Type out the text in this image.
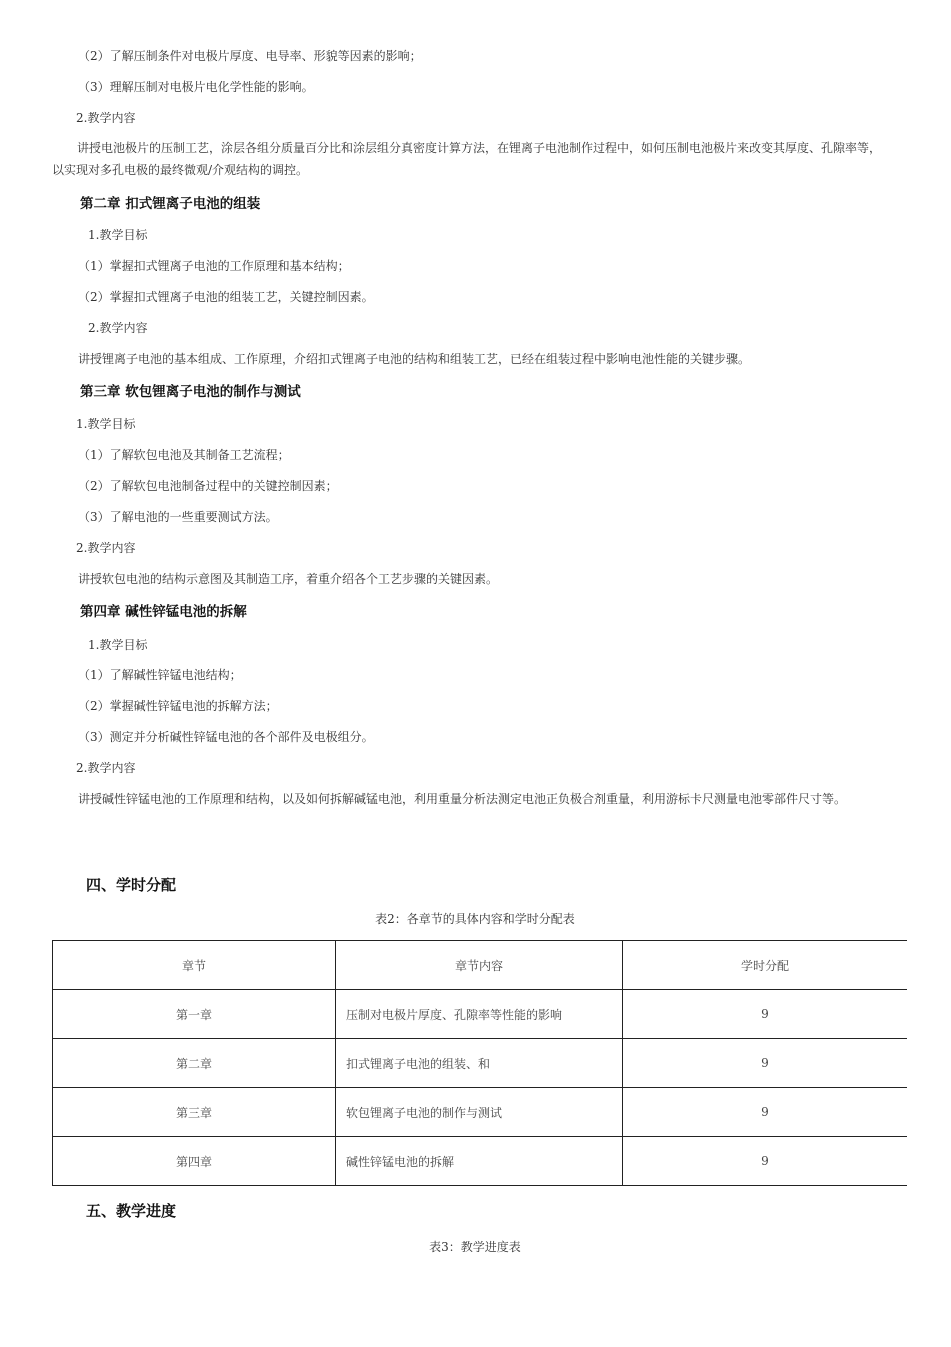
（2）了解压制条件对电极片厚度、电导率、形貌等因素的影响；
（3）理解压制对电极片电化学性能的影响。
2.教学内容
讲授电池极片的压制工艺，涂层各组分质量百分比和涂层组分真密度计算方法，在锂离子电池制作过程中，如何压制电池极片来改变其厚度、孔隙率等，以实现对多孔电极的最终微观/介观结构的调控。
第二章 扣式锂离子电池的组装
1.教学目标
（1）掌握扣式锂离子电池的工作原理和基本结构；
（2）掌握扣式锂离子电池的组装工艺，关键控制因素。
2.教学内容
讲授锂离子电池的基本组成、工作原理，介绍扣式锂离子电池的结构和组装工艺，已经在组装过程中影响电池性能的关键步骤。
第三章 软包锂离子电池的制作与测试
1.教学目标
（1）了解软包电池及其制备工艺流程；
（2）了解软包电池制备过程中的关键控制因素；
（3）了解电池的一些重要测试方法。
2.教学内容
讲授软包电池的结构示意图及其制造工序，着重介绍各个工艺步骤的关键因素。
第四章 碱性锌锰电池的拆解
1.教学目标
（1）了解碱性锌锰电池结构；
（2）掌握碱性锌锰电池的拆解方法；
（3）测定并分析碱性锌锰电池的各个部件及电极组分。
2.教学内容
讲授碱性锌锰电池的工作原理和结构，以及如何拆解碱锰电池，利用重量分析法测定电池正负极合剂重量，利用游标卡尺测量电池零部件尺寸等。
四、学时分配
表2：各章节的具体内容和学时分配表
章节	章节内容	学时分配
第一章	压制对电极片厚度、孔隙率等性能的影响	9
第二章	扣式锂离子电池的组装、和	9
第三章	软包锂离子电池的制作与测试	9
第四章	碱性锌锰电池的拆解	9
五、教学进度
表3：教学进度表
